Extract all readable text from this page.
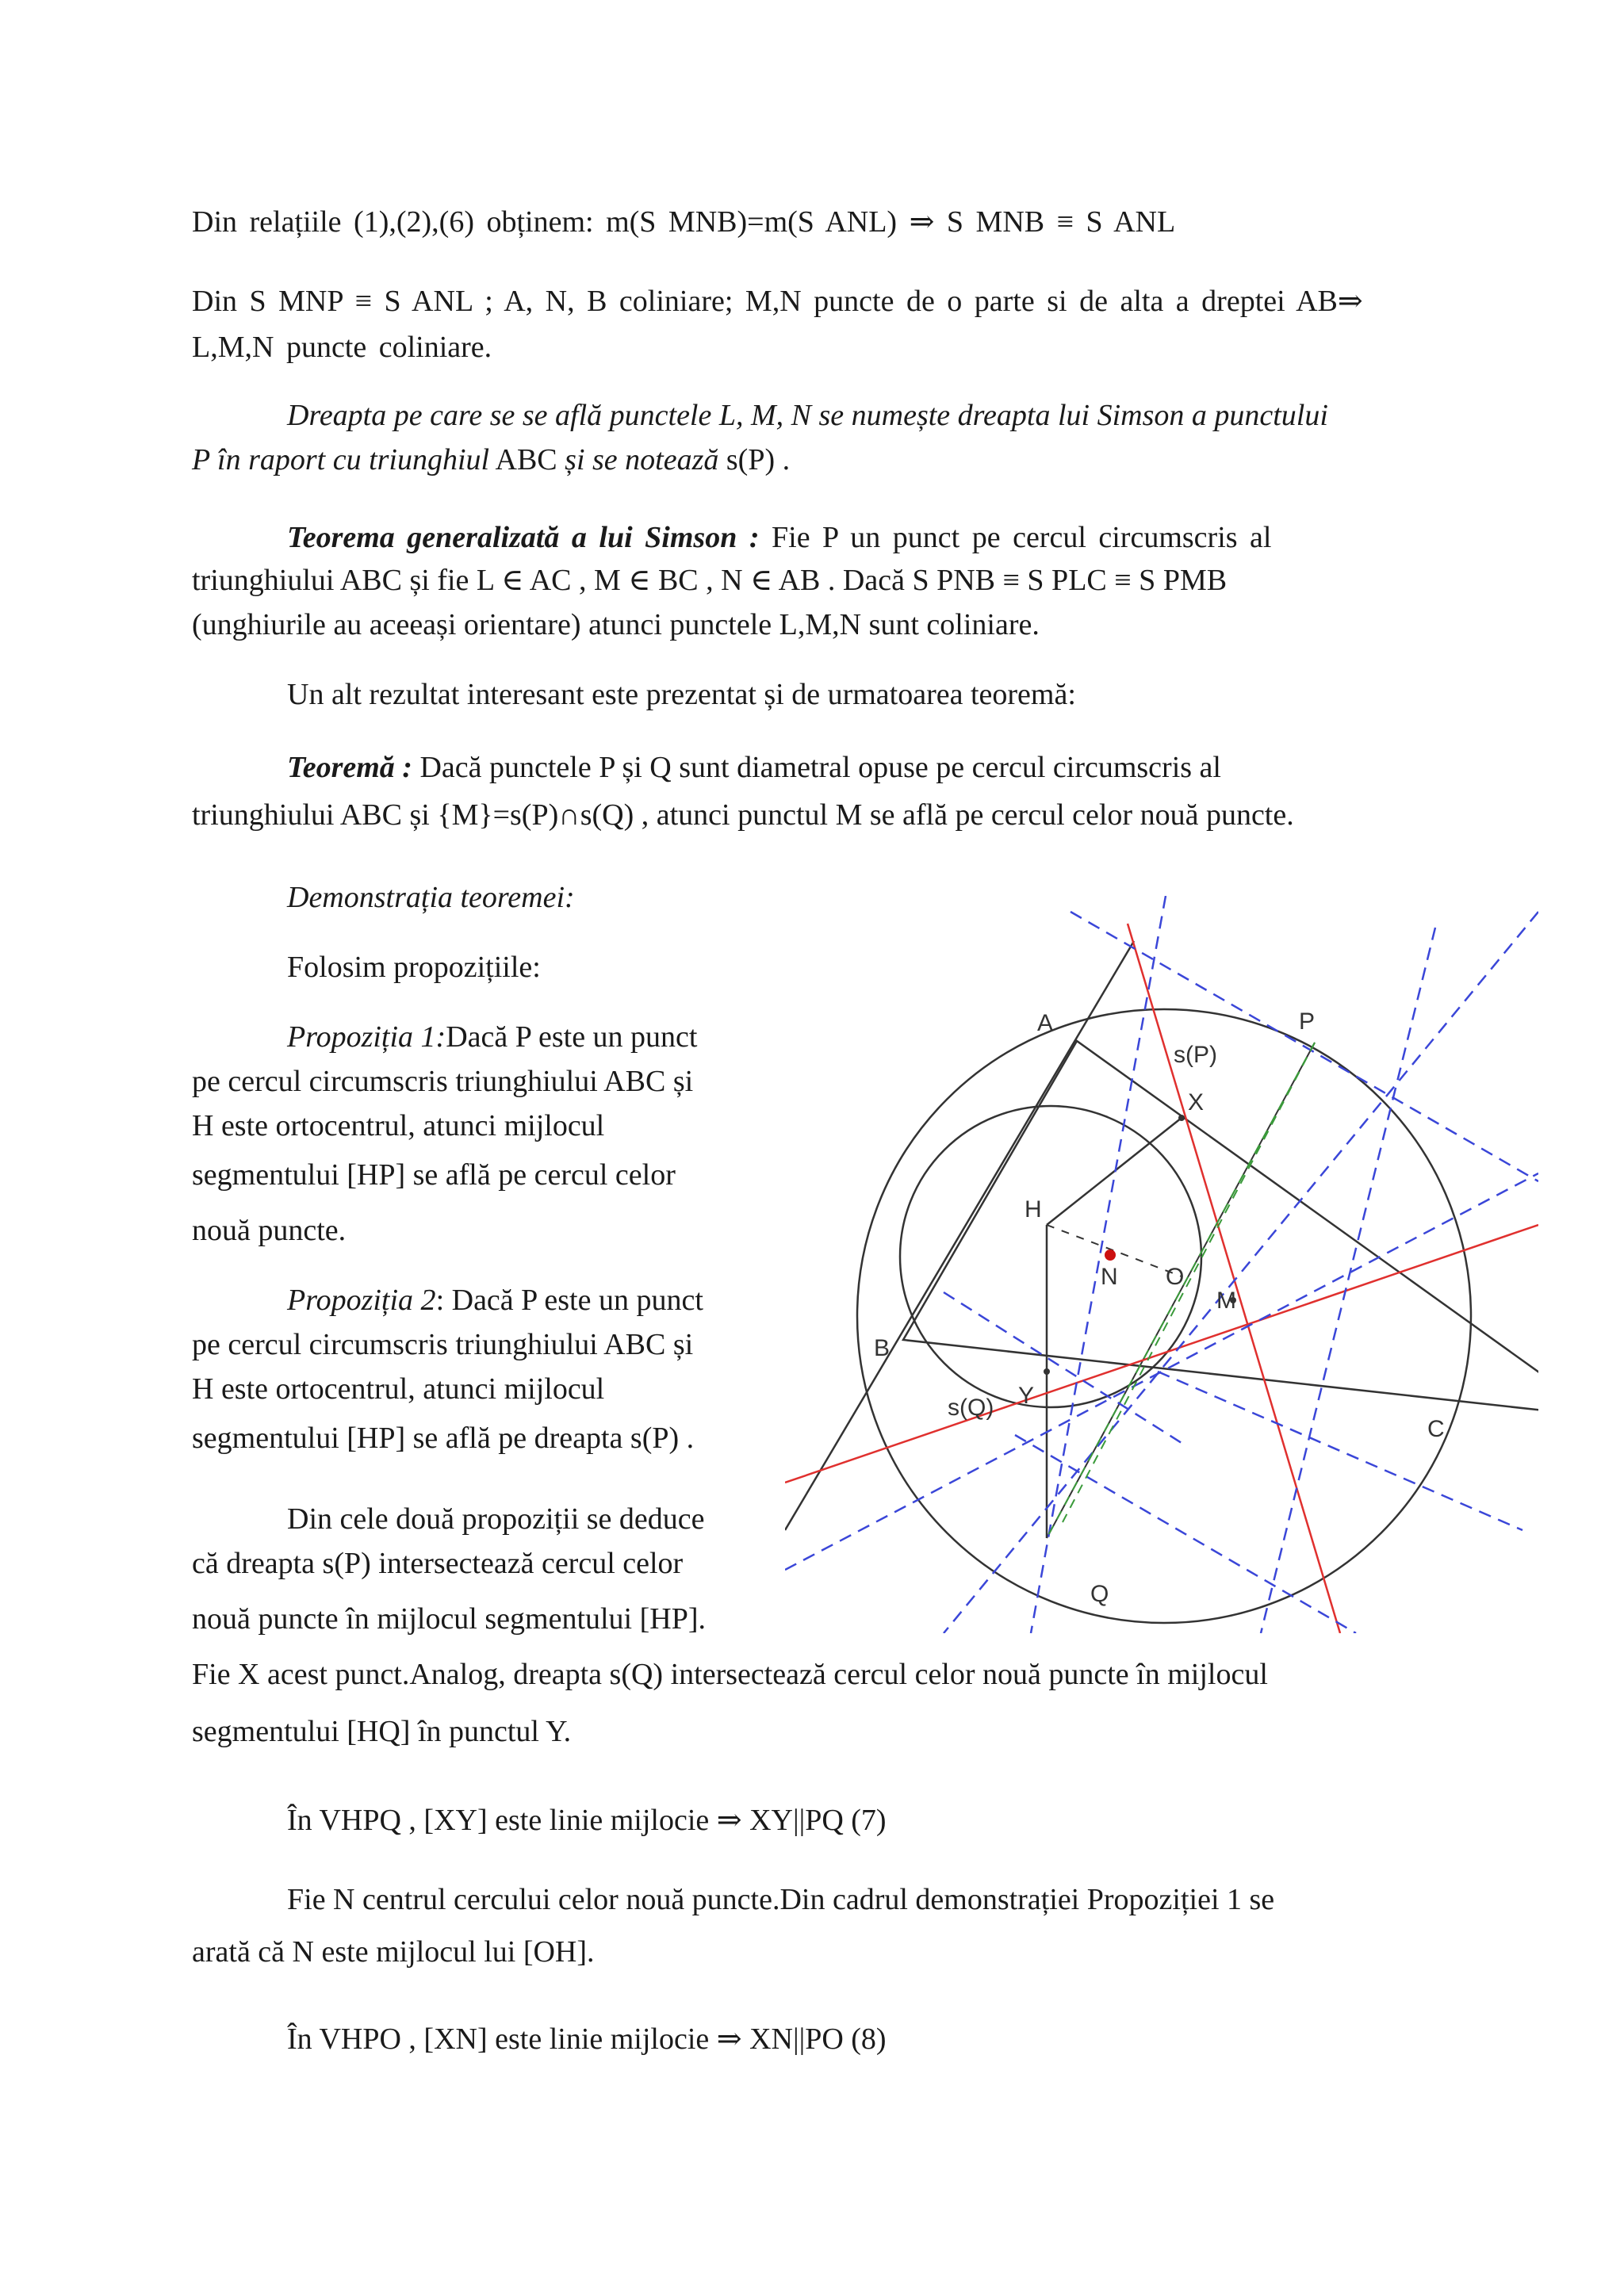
Din relațiile (1),(2),(6) obținem: m(S MNB)=m(S ANL) ⇒ S MNB ≡ S ANL
Din S MNP ≡ S ANL ; A, N, B coliniare; M,N puncte de o parte si de alta a dreptei AB⇒
L,M,N puncte coliniare.
Dreapta pe care se se află punctele L, M, N se numește dreapta lui Simson a punctului
P în raport cu triunghiul ABC și se notează s(P) .
Teorema generalizată a lui Simson : Fie P un punct pe cercul circumscris al
triunghiului ABC și fie L ∈ AC , M ∈ BC , N ∈ AB . Dacă S PNB ≡ S PLC ≡ S PMB
(unghiurile au aceeași orientare) atunci punctele L,M,N sunt coliniare.
Un alt rezultat interesant este prezentat și de urmatoarea teoremă:
Teoremă : Dacă punctele P și Q sunt diametral opuse pe cercul circumscris al
triunghiului ABC și {M}=s(P)∩s(Q) , atunci punctul M se află pe cercul celor nouă puncte.
Demonstrația teoremei:
Folosim propozițiile:
Propoziția 1:Dacă P este un punct
pe cercul circumscris triunghiului ABC și
H este ortocentrul, atunci mijlocul
segmentului [HP] se află pe cercul celor
nouă puncte.
Propoziția 2: Dacă P este un punct
pe cercul circumscris triunghiului ABC și
H este ortocentrul, atunci mijlocul
segmentului [HP] se află pe dreapta s(P) .
Din cele două propoziții se deduce
că dreapta s(P) intersectează cercul celor
nouă puncte în mijlocul segmentului [HP].
Fie X acest punct.Analog, dreapta s(Q) intersectează cercul celor nouă puncte în mijlocul
segmentului [HQ] în punctul Y.
În VHPQ , [XY] este linie mijlocie ⇒ XY||PQ (7)
Fie N centrul cercului celor nouă puncte.Din cadrul demonstrației Propoziției 1 se
arată că N este mijlocul lui [OH].
În VHPO , [XN] este linie mijlocie ⇒ XN||PO (8)
A	P
s(P)
X
H
N O
M
B
s(Q) Y
C
Q
